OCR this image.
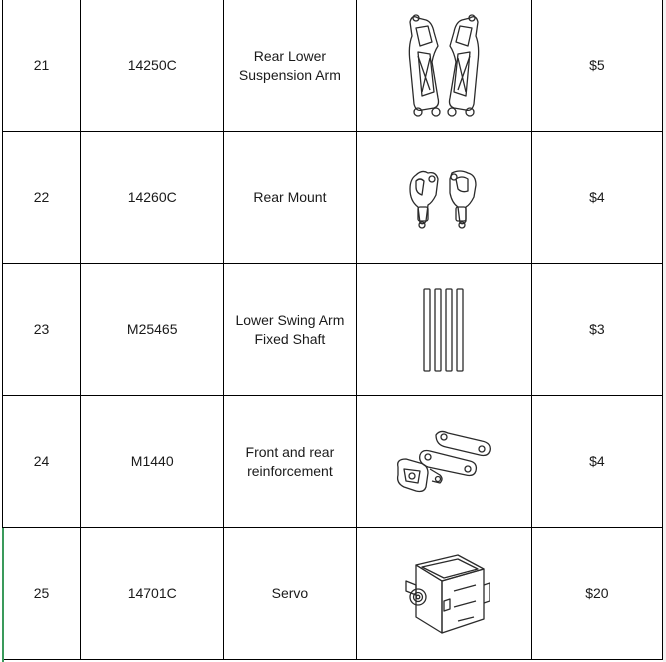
21	14250C	Rear Lower Suspension Arm		$5
22	14260C	Rear Mount		$4
23	M25465	Lower Swing Arm Fixed Shaft		$3
24	M1440	Front and rear reinforcement		$4
25	14701C	Servo		$20
